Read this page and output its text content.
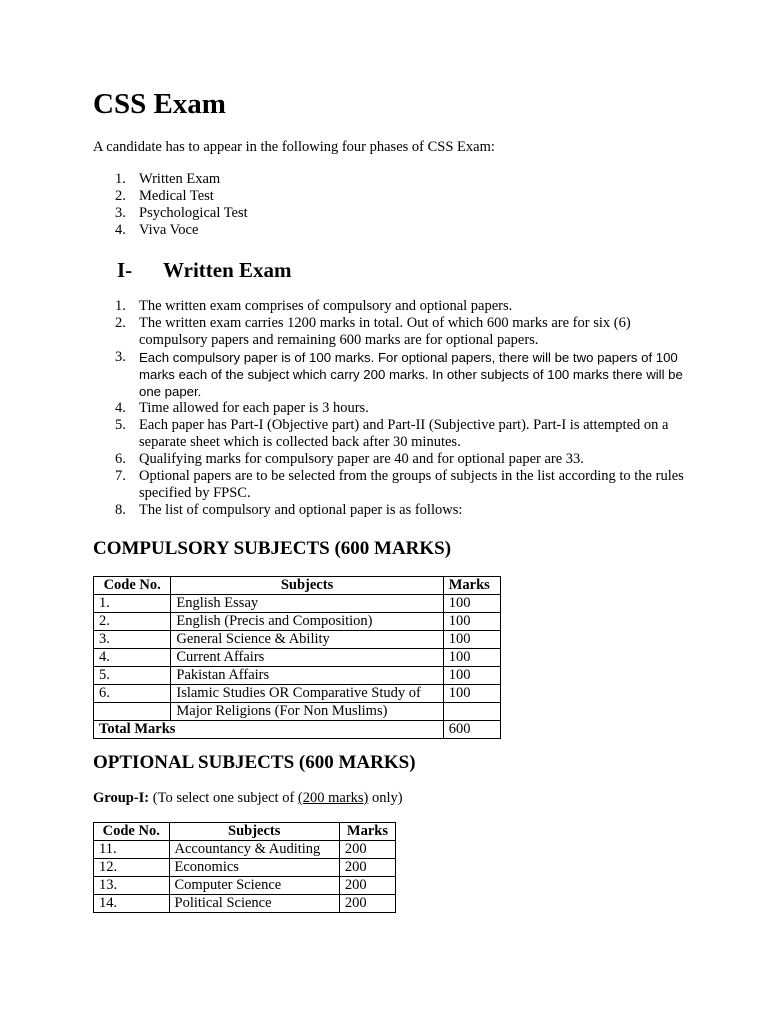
CSS Exam

A candidate has to appear in the following four phases of CSS Exam:

1. Written Exam
2. Medical Test
3. Psychological Test
4. Viva Voce
I- Written Exam
1. The written exam comprises of compulsory and optional papers.
2. The written exam carries 1200 marks in total. Out of which 600 marks are for six (6) compulsory papers and remaining 600 marks are for optional papers.
3. Each compulsory paper is of 100 marks. For optional papers, there will be two papers of 100 marks each of the subject which carry 200 marks. In other subjects of 100 marks there will be one paper.
4. Time allowed for each paper is 3 hours.
5. Each paper has Part-I (Objective part) and Part-II (Subjective part). Part-I is attempted on a separate sheet which is collected back after 30 minutes.
6. Qualifying marks for compulsory paper are 40 and for optional paper are 33.
7. Optional papers are to be selected from the groups of subjects in the list according to the rules specified by FPSC.
8. The list of compulsory and optional paper is as follows:
COMPULSORY SUBJECTS (600 MARKS)
Code No.	Subjects	Marks
1.	English Essay	100
2.	English (Precis and Composition)	100
3.	General Science & Ability	100
4.	Current Affairs	100
5.	Pakistan Affairs	100
6.	Islamic Studies OR Comparative Study of	100
	Major Religions (For Non Muslims)	
Total Marks		600
OPTIONAL SUBJECTS (600 MARKS)

Group-I: (To select one subject of (200 marks) only)

Code No.	Subjects	Marks
11.	Accountancy & Auditing	200
12.	Economics	200
13.	Computer Science	200
14.	Political Science	200
